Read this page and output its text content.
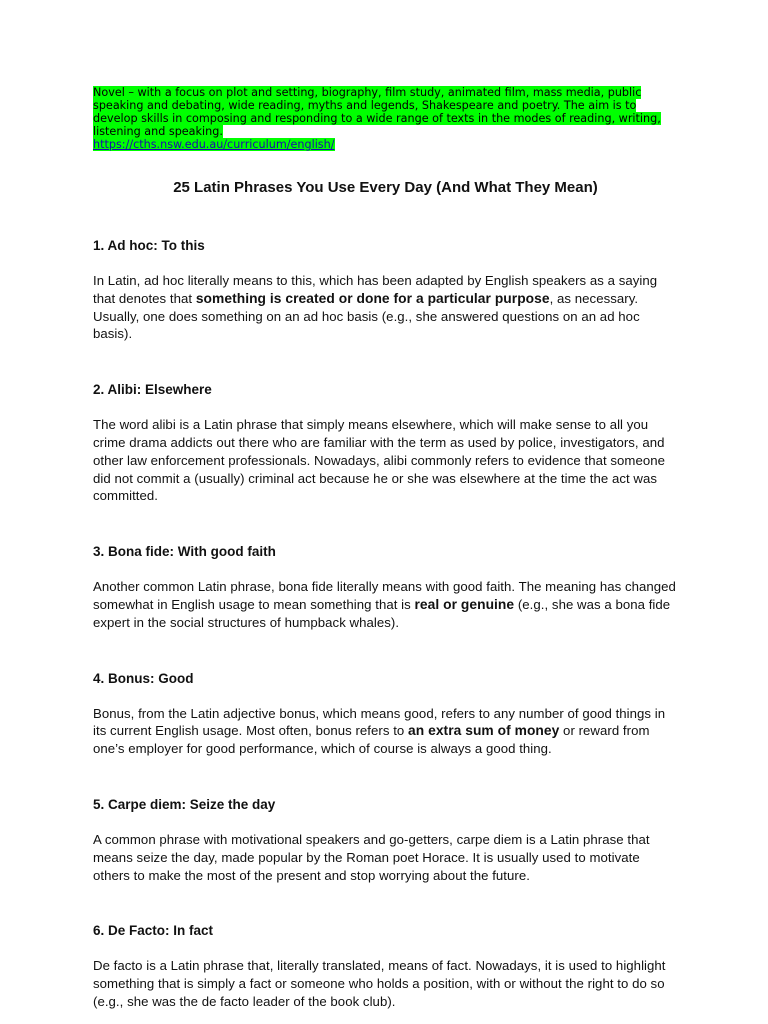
Novel – with a focus on plot and setting, biography, film study, animated film, mass media, public speaking and debating, wide reading, myths and legends, Shakespeare and poetry. The aim is to develop skills in composing and responding to a wide range of texts in the modes of reading, writing, listening and speaking.
https://cths.nsw.edu.au/curriculum/english/
25 Latin Phrases You Use Every Day (And What They Mean)
1. Ad hoc: To this

In Latin, ad hoc literally means to this, which has been adapted by English speakers as a saying that denotes that something is created or done for a particular purpose, as necessary. Usually, one does something on an ad hoc basis (e.g., she answered questions on an ad hoc basis).

2. Alibi: Elsewhere

The word alibi is a Latin phrase that simply means elsewhere, which will make sense to all you crime drama addicts out there who are familiar with the term as used by police, investigators, and other law enforcement professionals. Nowadays, alibi commonly refers to evidence that someone did not commit a (usually) criminal act because he or she was elsewhere at the time the act was committed.

3. Bona fide: With good faith

Another common Latin phrase, bona fide literally means with good faith. The meaning has changed somewhat in English usage to mean something that is real or genuine (e.g., she was a bona fide expert in the social structures of humpback whales).

4. Bonus: Good

Bonus, from the Latin adjective bonus, which means good, refers to any number of good things in its current English usage. Most often, bonus refers to an extra sum of money or reward from one’s employer for good performance, which of course is always a good thing.

5. Carpe diem: Seize the day

A common phrase with motivational speakers and go-getters, carpe diem is a Latin phrase that means seize the day, made popular by the Roman poet Horace. It is usually used to motivate others to make the most of the present and stop worrying about the future.

6. De Facto: In fact

De facto is a Latin phrase that, literally translated, means of fact. Nowadays, it is used to highlight something that is simply a fact or someone who holds a position, with or without the right to do so (e.g., she was the de facto leader of the book club).
